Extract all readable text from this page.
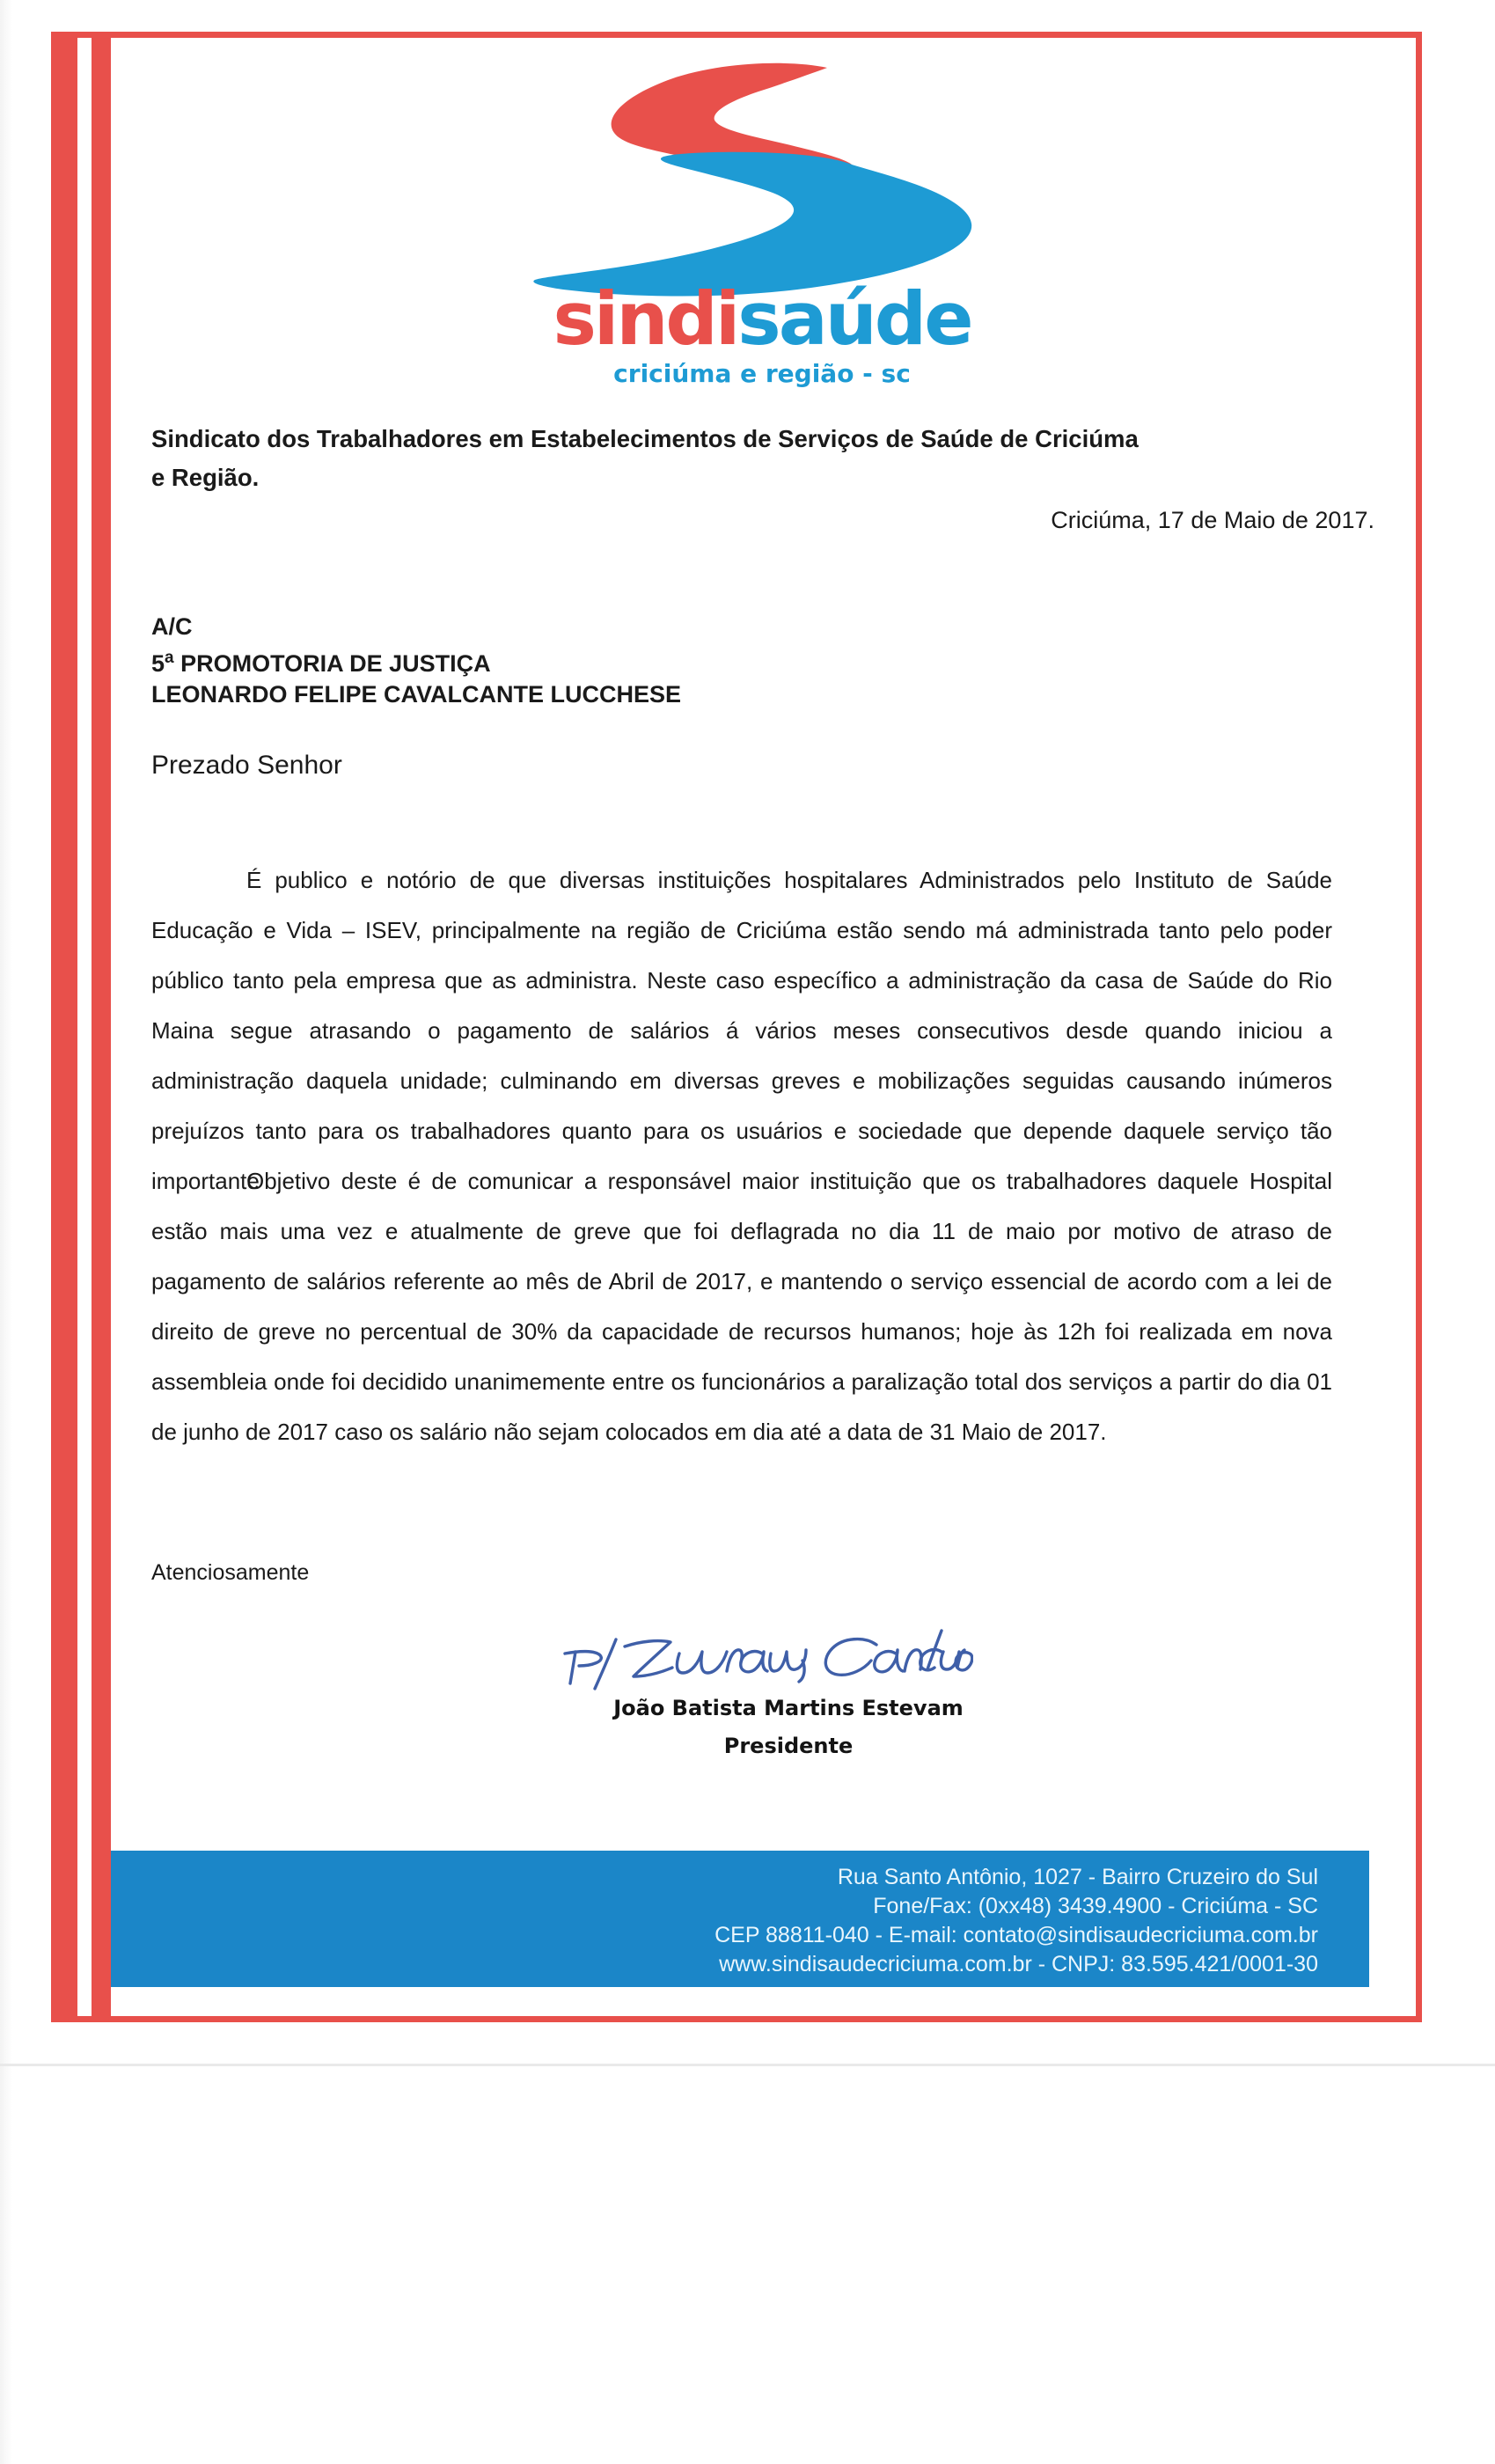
sindisaúde
criciúma e região - sc
Sindicato dos Trabalhadores em Estabelecimentos de Serviços de Saúde de Criciúma
e Região.
Criciúma, 17 de Maio de 2017.
A/C
5$^a$ PROMOTORIA DE JUSTIÇA
LEONARDO FELIPE CAVALCANTE LUCCHESE
Prezado Senhor

É publico e notório de que diversas instituições hospitalares Administrados pelo Instituto de Saúde Educação e Vida – ISEV, principalmente na região de Criciúma estão sendo má administrada tanto pelo poder público tanto pela empresa que as administra. Neste caso específico a administração da casa de Saúde do Rio Maina segue atrasando o pagamento de salários á vários meses consecutivos desde quando iniciou a administração daquela unidade; culminando em diversas greves e mobilizações seguidas causando inúmeros prejuízos tanto para os trabalhadores quanto para os usuários e sociedade que depende daquele serviço tão importante

Objetivo deste é de comunicar a responsável maior instituição que os trabalhadores daquele Hospital estão mais uma vez e atualmente de greve que foi deflagrada no dia 11 de maio por motivo de atraso de pagamento de salários referente ao mês de Abril de 2017, e mantendo o serviço essencial de acordo com a lei de direito de greve no percentual de 30% da capacidade de recursos humanos; hoje às 12h foi realizada em nova assembleia onde foi decidido unanimemente entre os funcionários a paralização total dos serviços a partir do dia 01 de junho de 2017 caso os salário não sejam colocados em dia até a data de 31 Maio de 2017.

Atenciosamente
João Batista Martins Estevam
Presidente
Rua Santo Antônio, 1027 - Bairro Cruzeiro do Sul
Fone/Fax: (0xx48) 3439.4900 - Criciúma - SC
CEP 88811-040 - E-mail: contato@sindisaudecriciuma.com.br
www.sindisaudecriciuma.com.br - CNPJ: 83.595.421/0001-30
